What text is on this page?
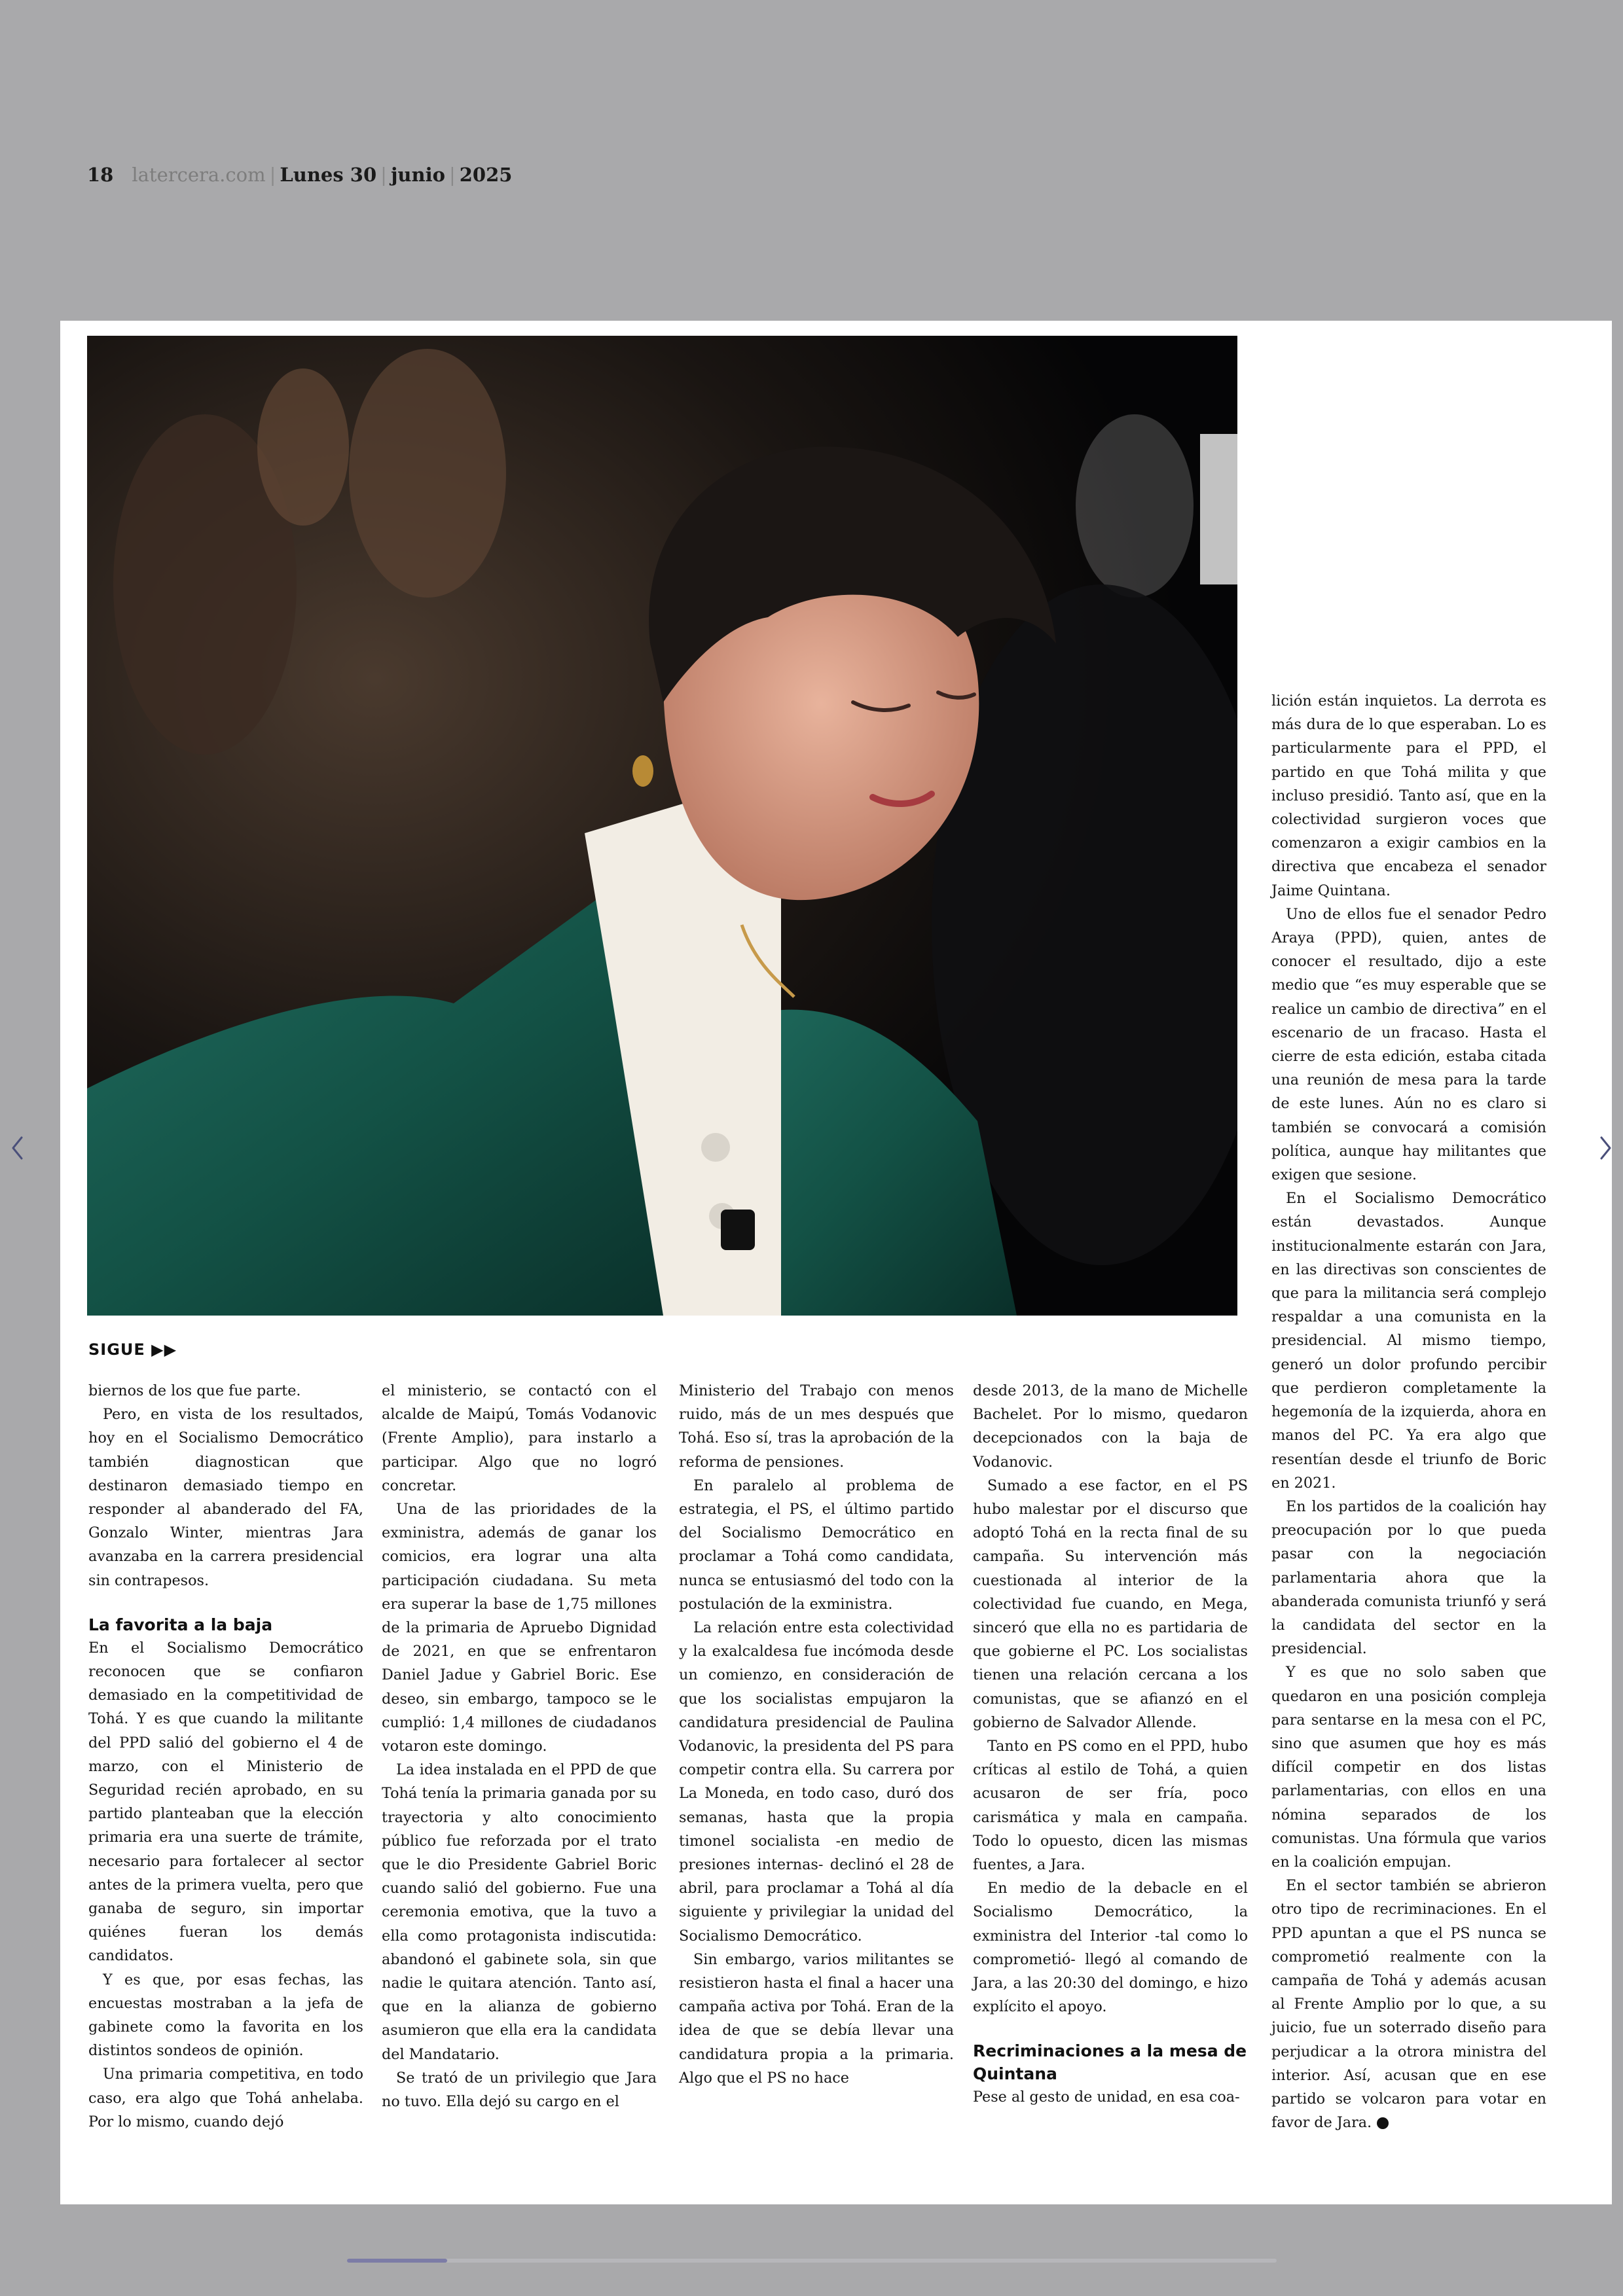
18 latercera.com | Lunes 30 | junio | 2025
SIGUE ▶▶

biernos de los que fue parte.

Pero, en vista de los resultados, hoy en el Socialismo Democrático también diagnostican que destinaron demasiado tiempo en responder al abanderado del FA, Gonzalo Winter, mientras Jara avanzaba en la carrera presidencial sin contrapesos.

La favorita a la baja

En el Socialismo Democrático reconocen que se confiaron demasiado en la competitividad de Tohá. Y es que cuando la militante del PPD salió del gobierno el 4 de marzo, con el Ministerio de Seguridad recién aprobado, en su partido planteaban que la elección primaria era una suerte de trámite, necesario para fortalecer al sector antes de la primera vuelta, pero que ganaba de seguro, sin importar quiénes fueran los demás candidatos.

Y es que, por esas fechas, las encuestas mostraban a la jefa de gabinete como la favorita en los distintos sondeos de opinión.

Una primaria competitiva, en todo caso, era algo que Tohá anhelaba. Por lo mismo, cuando dejó

el ministerio, se contactó con el alcalde de Maipú, Tomás Vodanovic (Frente Amplio), para instarlo a participar. Algo que no logró concretar.

Una de las prioridades de la exministra, además de ganar los comicios, era lograr una alta participación ciudadana. Su meta era superar la base de 1,75 millones de la primaria de Apruebo Dignidad de 2021, en que se enfrentaron Daniel Jadue y Gabriel Boric. Ese deseo, sin embargo, tampoco se le cumplió: 1,4 millones de ciudadanos votaron este domingo.

La idea instalada en el PPD de que Tohá tenía la primaria ganada por su trayectoria y alto conocimiento público fue reforzada por el trato que le dio Presidente Gabriel Boric cuando salió del gobierno. Fue una ceremonia emotiva, que la tuvo a ella como protagonista indiscutida: abandonó el gabinete sola, sin que nadie le quitara atención. Tanto así, que en la alianza de gobierno asumieron que ella era la candidata del Mandatario.

Se trató de un privilegio que Jara no tuvo. Ella dejó su cargo en el

Ministerio del Trabajo con menos ruido, más de un mes después que Tohá. Eso sí, tras la aprobación de la reforma de pensiones.

En paralelo al problema de estrategia, el PS, el último partido del Socialismo Democrático en proclamar a Tohá como candidata, nunca se entusiasmó del todo con la postulación de la exministra.

La relación entre esta colectividad y la exalcaldesa fue incómoda desde un comienzo, en consideración de que los socialistas empujaron la candidatura presidencial de Paulina Vodanovic, la presidenta del PS para competir contra ella. Su carrera por La Moneda, en todo caso, duró dos semanas, hasta que la propia timonel socialista -en medio de presiones internas- declinó el 28 de abril, para proclamar a Tohá al día siguiente y privilegiar la unidad del Socialismo Democrático.

Sin embargo, varios militantes se resistieron hasta el final a hacer una campaña activa por Tohá. Eran de la idea de que se debía llevar una candidatura propia a la primaria. Algo que el PS no hace

desde 2013, de la mano de Michelle Bachelet. Por lo mismo, quedaron decepcionados con la baja de Vodanovic.

Sumado a ese factor, en el PS hubo malestar por el discurso que adoptó Tohá en la recta final de su campaña. Su intervención más cuestionada al interior de la colectividad fue cuando, en Mega, sinceró que ella no es partidaria de que gobierne el PC. Los socialistas tienen una relación cercana a los comunistas, que se afianzó en el gobierno de Salvador Allende.

Tanto en PS como en el PPD, hubo críticas al estilo de Tohá, a quien acusaron de ser fría, poco carismática y mala en campaña. Todo lo opuesto, dicen las mismas fuentes, a Jara.

En medio de la debacle en el Socialismo Democrático, la exministra del Interior -tal como lo comprometió- llegó al comando de Jara, a las 20:30 del domingo, e hizo explícito el apoyo.

Recriminaciones a la mesa de Quintana

Pese al gesto de unidad, en esa coa-

lición están inquietos. La derrota es más dura de lo que esperaban. Lo es particularmente para el PPD, el partido en que Tohá milita y que incluso presidió. Tanto así, que en la colectividad surgieron voces que comenzaron a exigir cambios en la directiva que encabeza el senador Jaime Quintana.

Uno de ellos fue el senador Pedro Araya (PPD), quien, antes de conocer el resultado, dijo a este medio que “es muy esperable que se realice un cambio de directiva” en el escenario de un fracaso. Hasta el cierre de esta edición, estaba citada una reunión de mesa para la tarde de este lunes. Aún no es claro si también se convocará a comisión política, aunque hay militantes que exigen que sesione.

En el Socialismo Democrático están devastados. Aunque institucionalmente estarán con Jara, en las directivas son conscientes de que para la militancia será complejo respaldar a una comunista en la presidencial. Al mismo tiempo, generó un dolor profundo percibir que perdieron completamente la hegemonía de la izquierda, ahora en manos del PC. Ya era algo que resentían desde el triunfo de Boric en 2021.

En los partidos de la coalición hay preocupación por lo que pueda pasar con la negociación parlamentaria ahora que la abanderada comunista triunfó y será la candidata del sector en la presidencial.

Y es que no solo saben que quedaron en una posición compleja para sentarse en la mesa con el PC, sino que asumen que hoy es más difícil competir en dos listas parlamentarias, con ellos en una nómina separados de los comunistas. Una fórmula que varios en la coalición empujan.

En el sector también se abrieron otro tipo de recriminaciones. En el PPD apuntan a que el PS nunca se comprometió realmente con la campaña de Tohá y además acusan al Frente Amplio por lo que, a su juicio, fue un soterrado diseño para perjudicar a la otrora ministra del interior. Así, acusan que en ese partido se volcaron para votar en favor de Jara.
